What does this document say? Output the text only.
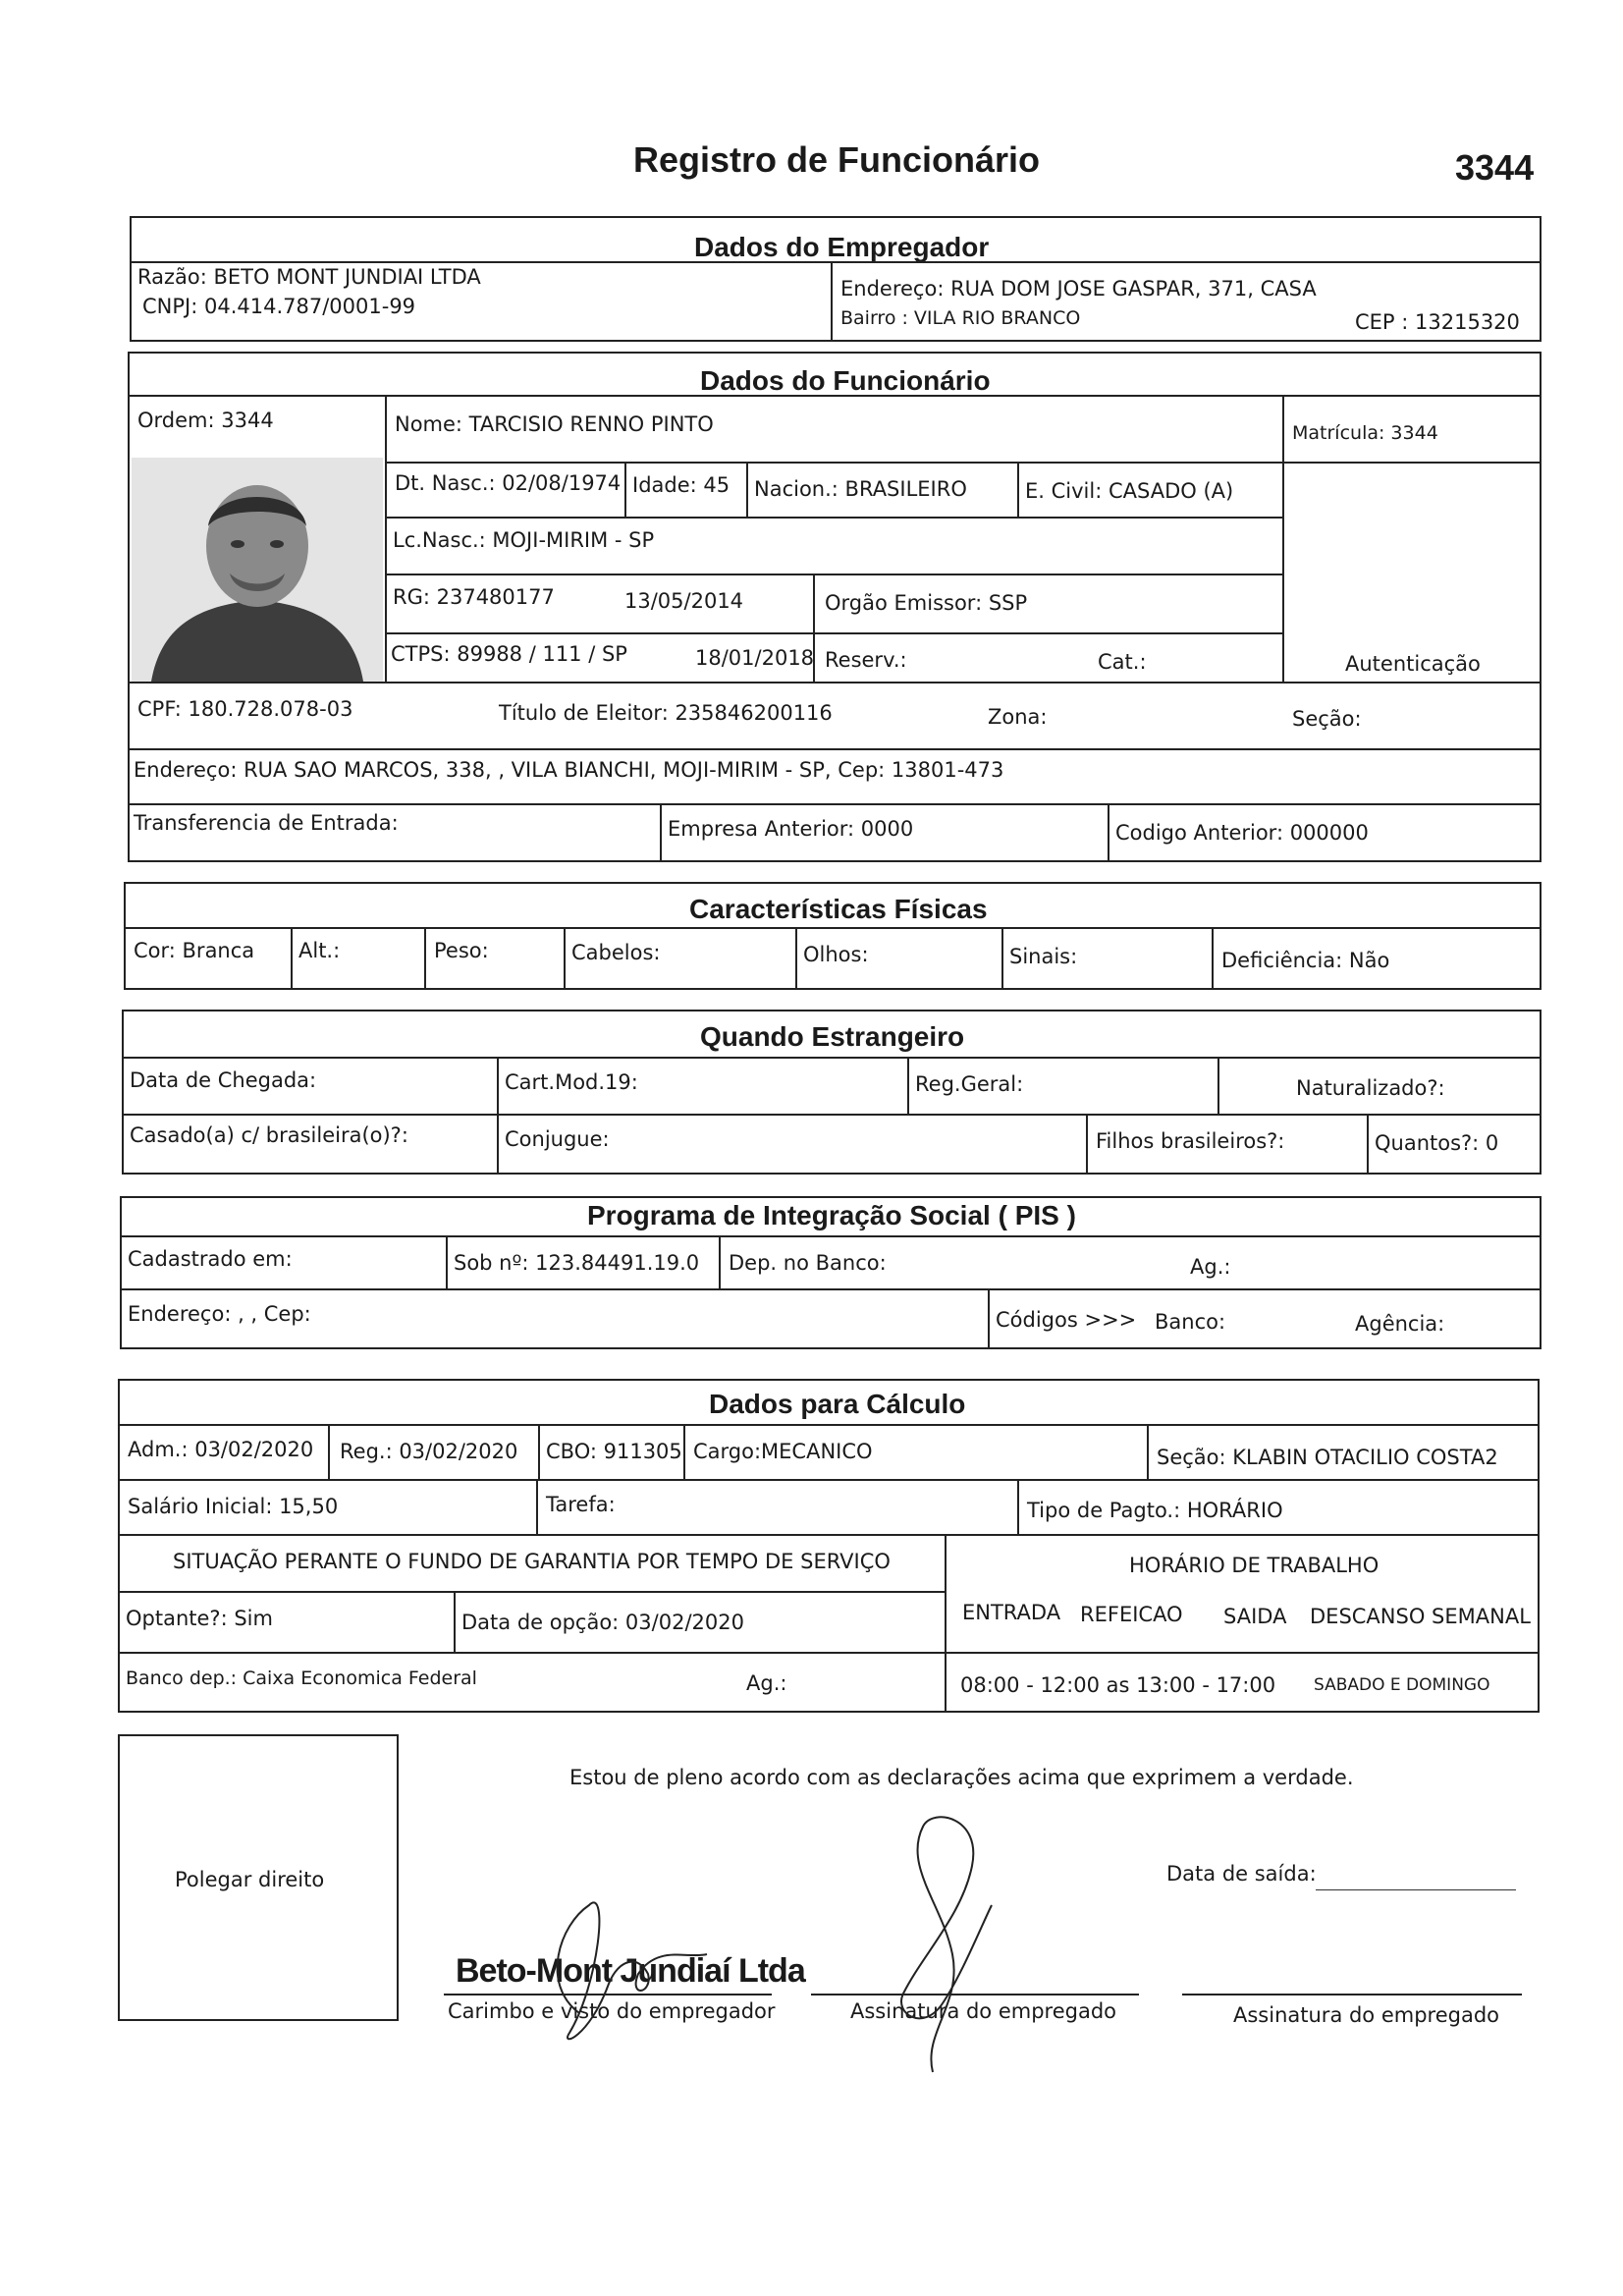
Registro de Funcionário	3344
Dados do Empregador
Razão: BETO MONT JUNDIAI LTDA
CNPJ: 04.414.787/0001-99
Endereço: RUA DOM JOSE GASPAR, 371, CASA
Bairro : VILA RIO BRANCO	CEP : 13215320
Dados do Funcionário
Ordem: 3344	Nome: TARCISIO RENNO PINTO	Matrícula: 3344
Dt. Nasc.: 02/08/1974 Idade: 45 Nacion.: BRASILEIRO	E. Civil: CASADO (A)
Lc.Nasc.: MOJI-MIRIM - SP
RG: 237480177	13/05/2014	Orgão Emissor: SSP
CTPS: 89988 / 111 / SP	18/01/2018 Reserv.:	Cat.:	Autenticação
CPF: 180.728.078-03	Título de Eleitor: 235846200116	Zona:	Seção:
Endereço: RUA SAO MARCOS, 338, , VILA BIANCHI, MOJI-MIRIM - SP, Cep: 13801-473
Transferencia de Entrada:	Empresa Anterior: 0000	Codigo Anterior: 000000
Características Físicas
Cor: Branca Alt.:	Peso:	Cabelos:	Olhos:	Sinais:	Deficiência: Não
Quando Estrangeiro
Data de Chegada:	Cart.Mod.19:	Reg.Geral:	Naturalizado?:
Casado(a) c/ brasileira(o)?:	Conjugue:	Filhos brasileiros?:	Quantos?: 0
Programa de Integração Social ( PIS )
Cadastrado em:	Sob nº: 123.84491.19.0 Dep. no Banco:	Ag.:
Endereço: , , Cep:	Códigos >>> Banco:	Agência:
Dados para Cálculo
Adm.: 03/02/2020 Reg.: 03/02/2020 CBO: 911305 Cargo:MECANICO	Seção: KLABIN OTACILIO COSTA2
Salário Inicial: 15,50	Tarefa:	Tipo de Pagto.: HORÁRIO
SITUAÇÃO PERANTE O FUNDO DE GARANTIA POR TEMPO DE SERVIÇO	HORÁRIO DE TRABALHO
Optante?: Sim	Data de opção: 03/02/2020	ENTRADA REFEICAO SAIDA DESCANSO SEMANAL
Banco dep.: Caixa Economica Federal	Ag.:	08:00 - 12:00 as 13:00 - 17:00 SABADO E DOMINGO
Polegar direito
Estou de pleno acordo com as declarações acima que exprimem a verdade.
Data de saída:
Beto-Mont Jundiaí Ltda
Carimbo e visto do empregador	Assinatura do empregado	Assinatura do empregado
